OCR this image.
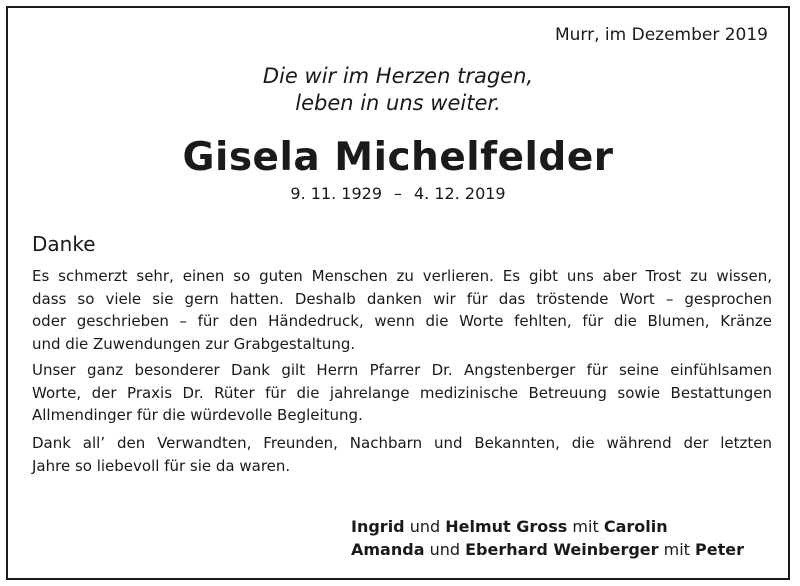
Murr, im Dezember 2019
Die wir im Herzen tragen,
leben in uns weiter.
Gisela Michelfelder
9. 11. 1929 – 4. 12. 2019
Danke
Es schmerzt sehr, einen so guten Menschen zu verlieren. Es gibt uns aber Trost zu wissen,
dass so viele sie gern hatten. Deshalb danken wir für das tröstende Wort – gesprochen
oder geschrieben – für den Händedruck, wenn die Worte fehlten, für die Blumen, Kränze
und die Zuwendungen zur Grabgestaltung.
Unser ganz besonderer Dank gilt Herrn Pfarrer Dr. Angstenberger für seine einfühlsamen
Worte, der Praxis Dr. Rüter für die jahrelange medizinische Betreuung sowie Bestattungen
Allmendinger für die würdevolle Begleitung.
Dank all’ den Verwandten, Freunden, Nachbarn und Bekannten, die während der letzten
Jahre so liebevoll für sie da waren.
Ingrid und Helmut Gross mit Carolin
Amanda und Eberhard Weinberger mit Peter
